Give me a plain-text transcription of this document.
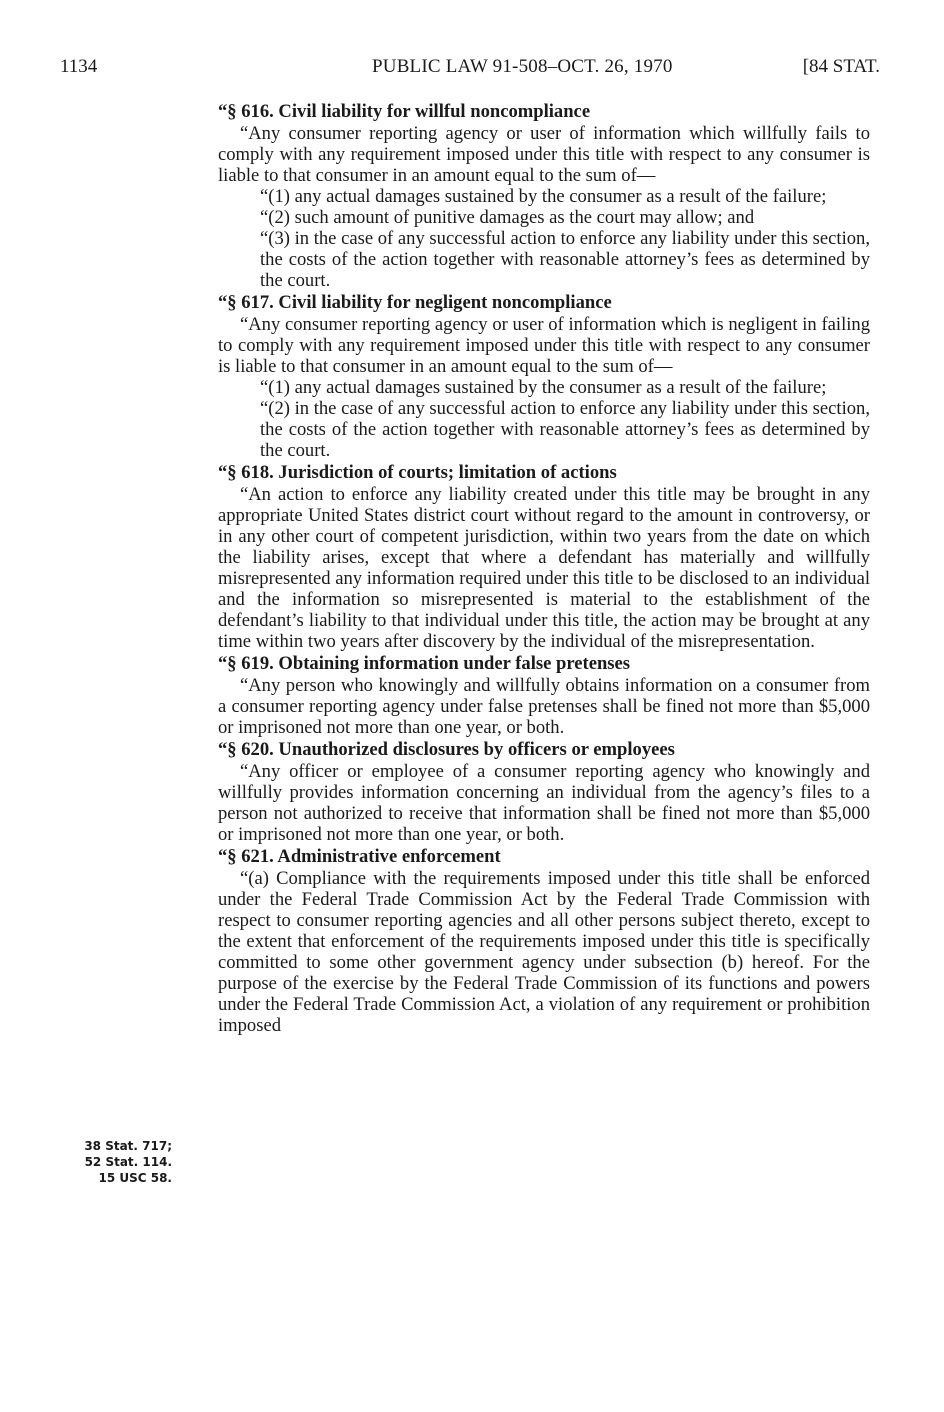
1134	PUBLIC LAW 91-508–OCT. 26, 1970	[84 STAT.
38 Stat. 717;
52 Stat. 114.
15 USC 58.

“§ 616. Civil liability for willful noncompliance

“Any consumer reporting agency or user of information which willfully fails to comply with any requirement imposed under this title with respect to any consumer is liable to that consumer in an amount equal to the sum of—

“(1) any actual damages sustained by the consumer as a result of the failure;

“(2) such amount of punitive damages as the court may allow; and

“(3) in the case of any successful action to enforce any liability under this section, the costs of the action together with reasonable attorney’s fees as determined by the court.

“§ 617. Civil liability for negligent noncompliance

“Any consumer reporting agency or user of information which is negligent in failing to comply with any requirement imposed under this title with respect to any consumer is liable to that consumer in an amount equal to the sum of—

“(1) any actual damages sustained by the consumer as a result of the failure;

“(2) in the case of any successful action to enforce any liability under this section, the costs of the action together with reasonable attorney’s fees as determined by the court.

“§ 618. Jurisdiction of courts; limitation of actions

“An action to enforce any liability created under this title may be brought in any appropriate United States district court without regard to the amount in controversy, or in any other court of competent jurisdiction, within two years from the date on which the liability arises, except that where a defendant has materially and willfully misrepresented any information required under this title to be disclosed to an individual and the information so misrepresented is material to the establishment of the defendant’s liability to that individual under this title, the action may be brought at any time within two years after discovery by the individual of the misrepresentation.

“§ 619. Obtaining information under false pretenses

“Any person who knowingly and willfully obtains information on a consumer from a consumer reporting agency under false pretenses shall be fined not more than $5,000 or imprisoned not more than one year, or both.

“§ 620. Unauthorized disclosures by officers or employees

“Any officer or employee of a consumer reporting agency who knowingly and willfully provides information concerning an individual from the agency’s files to a person not authorized to receive that information shall be fined not more than $5,000 or imprisoned not more than one year, or both.

“§ 621. Administrative enforcement

“(a) Compliance with the requirements imposed under this title shall be enforced under the Federal Trade Commission Act by the Federal Trade Commission with respect to consumer reporting agencies and all other persons subject thereto, except to the extent that enforcement of the requirements imposed under this title is specifically committed to some other government agency under subsection (b) hereof. For the purpose of the exercise by the Federal Trade Commission of its functions and powers under the Federal Trade Commission Act, a violation of any requirement or prohibition imposed
